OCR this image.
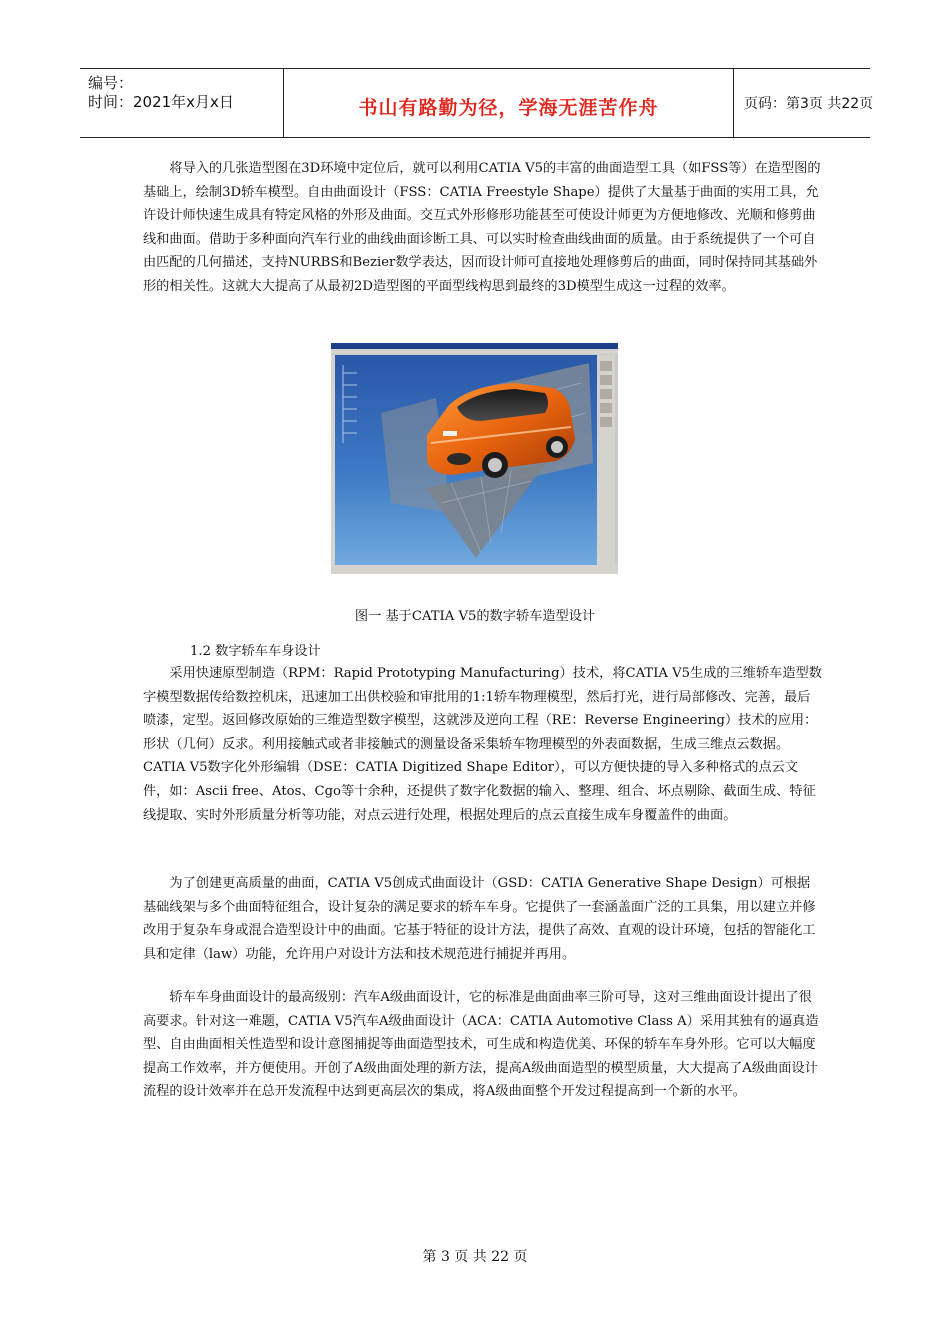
编号：
时间：2021年x月x日	书山有路勤为径，学海无涯苦作舟	页码：第3页 共22页

将导入的几张造型图在3D环境中定位后，就可以利用CATIA V5的丰富的曲面造型工具（如FSS等）在造型图的基础上，绘制3D轿车模型。自由曲面设计（FSS：CATIA Freestyle Shape）提供了大量基于曲面的实用工具，允许设计师快速生成具有特定风格的外形及曲面。交互式外形修形功能甚至可使设计师更为方便地修改、光顺和修剪曲线和曲面。借助于多种面向汽车行业的曲线曲面诊断工具、可以实时检查曲线曲面的质量。由于系统提供了一个可自由匹配的几何描述，支持NURBS和Bezier数学表达，因而设计师可直接地处理修剪后的曲面，同时保持同其基础外形的相关性。这就大大提高了从最初2D造型图的平面型线构思到最终的3D模型生成这一过程的效率。

图一 基于CATIA V5的数字轿车造型设计
1.2 数字轿车车身设计

采用快速原型制造（RPM：Rapid Prototyping Manufacturing）技术，将CATIA V5生成的三维轿车造型数字模型数据传给数控机床，迅速加工出供校验和审批用的1:1轿车物理模型，然后打光，进行局部修改、完善，最后喷漆，定型。返回修改原始的三维造型数字模型，这就涉及逆向工程（RE：Reverse Engineering）技术的应用：形状（几何）反求。利用接触式或者非接触式的测量设备采集轿车物理模型的外表面数据，生成三维点云数据。CATIA V5数字化外形编辑（DSE：CATIA Digitized Shape Editor），可以方便快捷的导入多种格式的点云文件，如：Ascii free、Atos、Cgo等十余种，还提供了数字化数据的输入、整理、组合、坏点剔除、截面生成、特征线提取、实时外形质量分析等功能，对点云进行处理，根据处理后的点云直接生成车身覆盖件的曲面。

为了创建更高质量的曲面，CATIA V5创成式曲面设计（GSD：CATIA Generative Shape Design）可根据基础线架与多个曲面特征组合，设计复杂的满足要求的轿车车身。它提供了一套涵盖面广泛的工具集，用以建立并修改用于复杂车身或混合造型设计中的曲面。它基于特征的设计方法，提供了高效、直观的设计环境，包括的智能化工具和定律（law）功能，允许用户对设计方法和技术规范进行捕捉并再用。

轿车车身曲面设计的最高级别：汽车A级曲面设计，它的标准是曲面曲率三阶可导，这对三维曲面设计提出了很高要求。针对这一难题，CATIA V5汽车A级曲面设计（ACA：CATIA Automotive Class A）采用其独有的逼真造型、自由曲面相关性造型和设计意图捕捉等曲面造型技术，可生成和构造优美、环保的轿车车身外形。它可以大幅度提高工作效率，并方便使用。开创了A级曲面处理的新方法，提高A级曲面造型的模型质量，大大提高了A级曲面设计流程的设计效率并在总开发流程中达到更高层次的集成，将A级曲面整个开发过程提高到一个新的水平。

第 3 页 共 22 页
